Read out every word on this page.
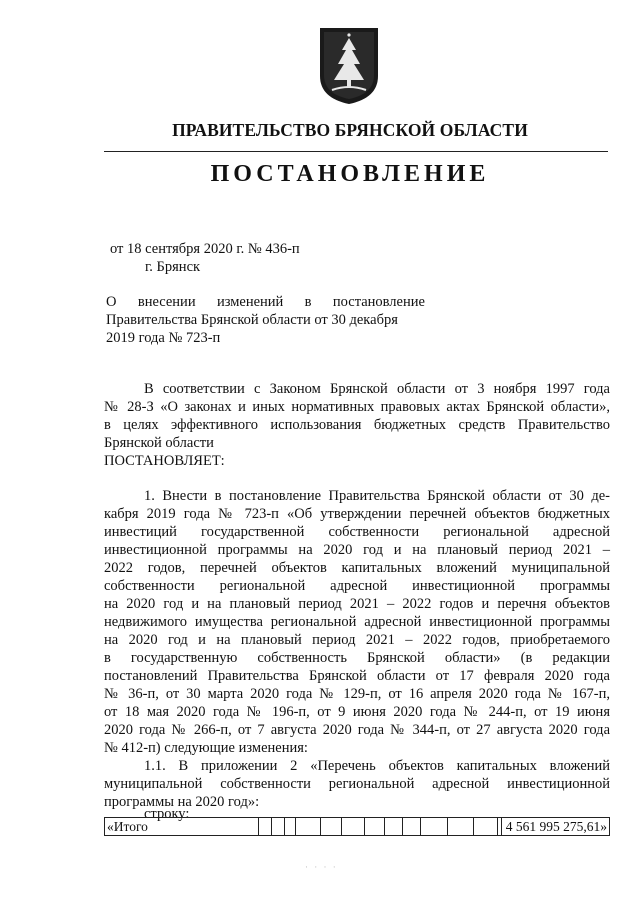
ПРАВИТЕЛЬСТВО БРЯНСКОЙ ОБЛАСТИ
ПОСТАНОВЛЕНИЕ
от 18 сентября 2020 г. № 436-п
г. Брянск
О внесении изменений в постановление
Правительства Брянской области от 30 декабря
2019 года № 723-п
В соответствии с Законом Брянской области от 3 ноября 1997 года
№ 28-З «О законах и иных нормативных правовых актах Брянской области»,
в целях эффективного использования бюджетных средств Правительство
Брянской области
ПОСТАНОВЛЯЕТ:
1. Внести в постановление Правительства Брянской области от 30 де-
кабря 2019 года № 723-п «Об утверждении перечней объектов бюджетных
инвестиций государственной собственности региональной адресной
инвестиционной программы на 2020 год и на плановый период 2021 –
2022 годов, перечней объектов капитальных вложений муниципальной
собственности региональной адресной инвестиционной программы
на 2020 год и на плановый период 2021 – 2022 годов и перечня объектов
недвижимого имущества региональной адресной инвестиционной программы
на 2020 год и на плановый период 2021 – 2022 годов, приобретаемого
в государственную собственность Брянской области» (в редакции
постановлений Правительства Брянской области от 17 февраля 2020 года
№ 36-п, от 30 марта 2020 года № 129-п, от 16 апреля 2020 года № 167-п,
от 18 мая 2020 года № 196-п, от 9 июня 2020 года № 244-п, от 19 июня
2020 года № 266-п, от 7 августа 2020 года № 344-п, от 27 августа 2020 года
№ 412-п) следующие изменения:
1.1. В приложении 2 «Перечень объектов капитальных вложений
муниципальной собственности региональной адресной инвестиционной
программы на 2020 год»:
строку:
«Итого	4 561 995 275,61»
· · · ·
